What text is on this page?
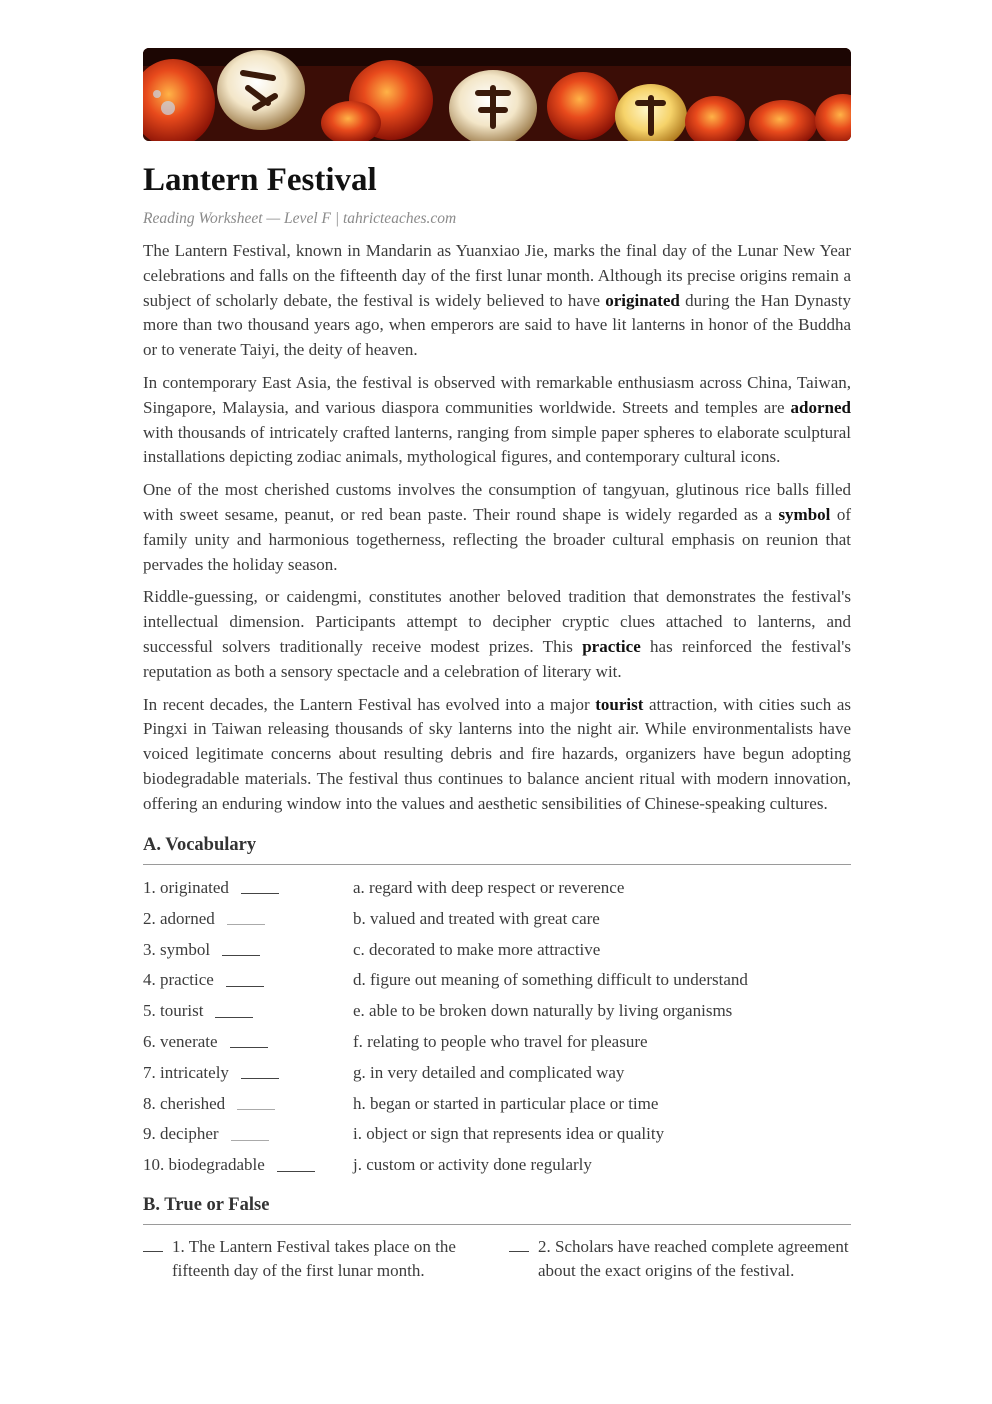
Lantern Festival
Reading Worksheet — Level F | tahricteaches.com

The Lantern Festival, known in Mandarin as Yuanxiao Jie, marks the final day of the Lunar New Year celebrations and falls on the fifteenth day of the first lunar month. Although its precise origins remain a subject of scholarly debate, the festival is widely believed to have originated during the Han Dynasty more than two thousand years ago, when emperors are said to have lit lanterns in honor of the Buddha or to venerate Taiyi, the deity of heaven.

In contemporary East Asia, the festival is observed with remarkable enthusiasm across China, Taiwan, Singapore, Malaysia, and various diaspora communities worldwide. Streets and temples are adorned with thousands of intricately crafted lanterns, ranging from simple paper spheres to elaborate sculptural installations depicting zodiac animals, mythological figures, and contemporary cultural icons.

One of the most cherished customs involves the consumption of tangyuan, glutinous rice balls filled with sweet sesame, peanut, or red bean paste. Their round shape is widely regarded as a symbol of family unity and harmonious togetherness, reflecting the broader cultural emphasis on reunion that pervades the holiday season.

Riddle-guessing, or caidengmi, constitutes another beloved tradition that demonstrates the festival's intellectual dimension. Participants attempt to decipher cryptic clues attached to lanterns, and successful solvers traditionally receive modest prizes. This practice has reinforced the festival's reputation as both a sensory spectacle and a celebration of literary wit.

In recent decades, the Lantern Festival has evolved into a major tourist attraction, with cities such as Pingxi in Taiwan releasing thousands of sky lanterns into the night air. While environmentalists have voiced legitimate concerns about resulting debris and fire hazards, organizers have begun adopting biodegradable materials. The festival thus continues to balance ancient ritual with modern innovation, offering an enduring window into the values and aesthetic sensibilities of Chinese-speaking cultures.

A. Vocabulary
1. originated	a. regard with deep respect or reverence
2. adorned	b. valued and treated with great care
3. symbol	c. decorated to make more attractive
4. practice	d. figure out meaning of something difficult to understand
5. tourist	e. able to be broken down naturally by living organisms
6. venerate	f. relating to people who travel for pleasure
7. intricately	g. in very detailed and complicated way
8. cherished	h. began or started in particular place or time
9. decipher	i. object or sign that represents idea or quality
10. biodegradable	j. custom or activity done regularly
B. True or False
1. The Lantern Festival takes place on the fifteenth day of the first lunar month.
2. Scholars have reached complete agreement about the exact origins of the festival.
